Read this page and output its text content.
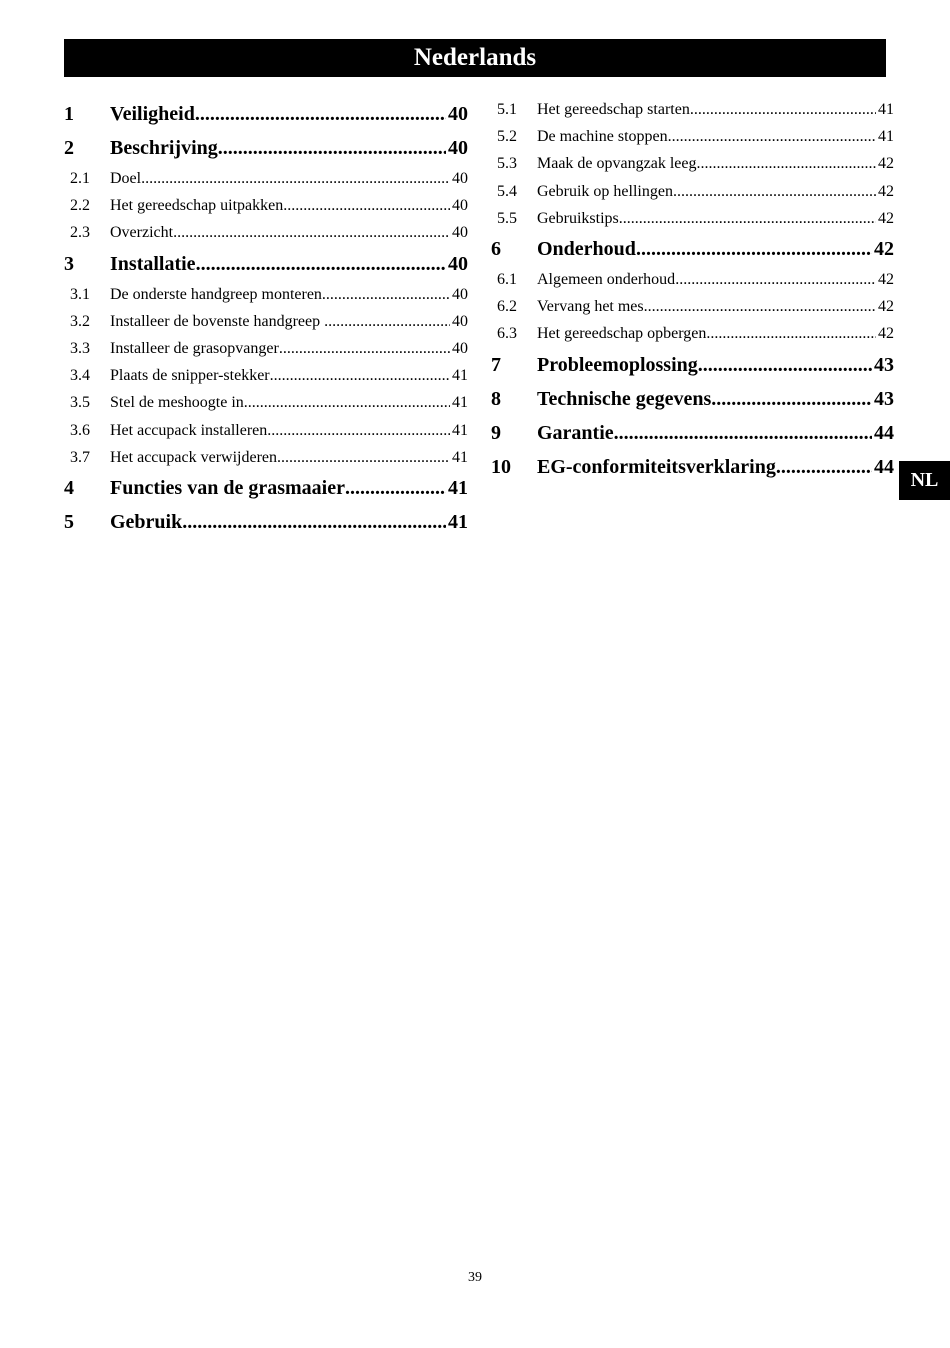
Nederlands
NL
1	Veiligheid .....	40
2	Beschrijving .....	40
2.1	Doel .....	40
2.2	Het gereedschap uitpakken .....	40
2.3	Overzicht .....	40
3	Installatie .....	40
3.1	De onderste handgreep monteren .....	40
3.2	Installeer de bovenste handgreep .....	40
3.3	Installeer de grasopvanger .....	40
3.4	Plaats de snipper-stekker .....	41
3.5	Stel de meshoogte in .....	41
3.6	Het accupack installeren .....	41
3.7	Het accupack verwijderen .....	41
4	Functies van de grasmaaier .....	41
5	Gebruik .....	41
5.1	Het gereedschap starten .....	41
5.2	De machine stoppen .....	41
5.3	Maak de opvangzak leeg .....	42
5.4	Gebruik op hellingen .....	42
5.5	Gebruikstips .....	42
6	Onderhoud .....	42
6.1	Algemeen onderhoud .....	42
6.2	Vervang het mes .....	42
6.3	Het gereedschap opbergen .....	42
7	Probleemoplossing .....	43
8	Technische gegevens .....	43
9	Garantie .....	44
10	EG-conformiteitsverklaring .....	44
39
